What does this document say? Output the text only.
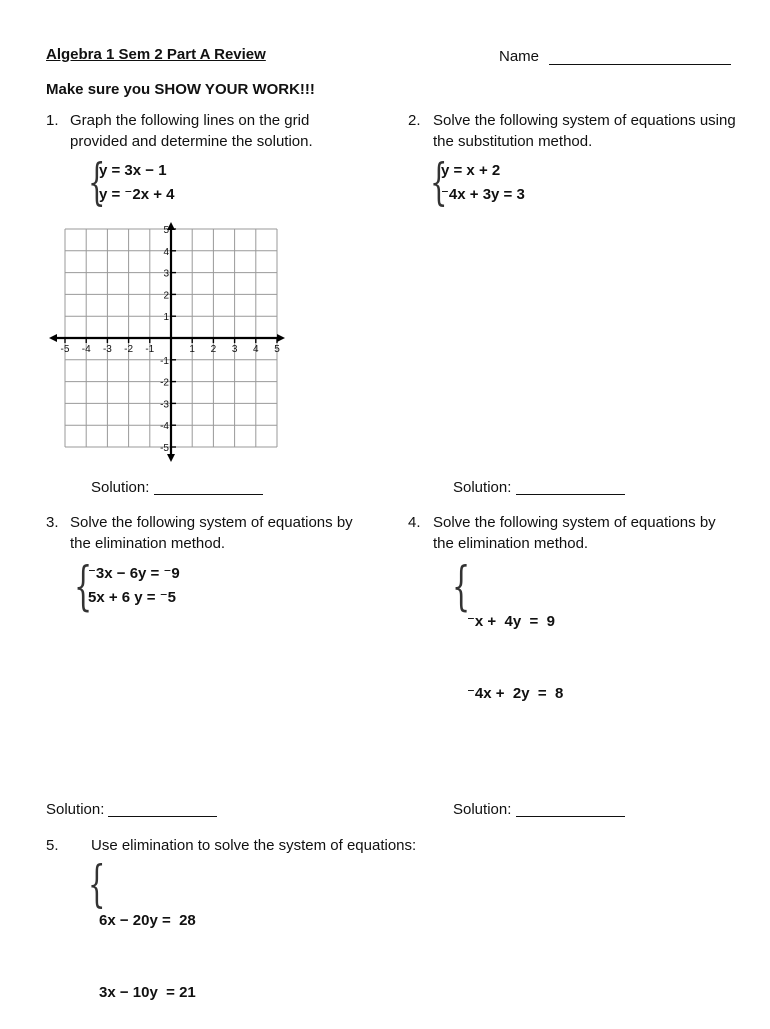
Algebra 1 Sem 2 Part A Review	Name
Make sure you SHOW YOUR WORK!!!
1. Graph the following lines on the grid
provided and determine the solution.
{
y = 3x − 1
y = ⁻2x + 4
-5 -4 -3 -2 -1	1 2 3 4 5
5
4
3
2
1
-1
-2
-3
-4
-5
Solution:
2. Solve the following system of equations using
the substitution method.
{
y = x + 2
⁻4x + 3y = 3
Solution:
3. Solve the following system of equations by
the elimination method.
{
⁻3x − 6y = ⁻9
5x + 6 y = ⁻5
Solution:
4. Solve the following system of equations by
the elimination method.
{

⁻x +  4y  =  9

⁻4x +  2y  =  8

Solution:
5. Use elimination to solve the system of equations:
{

6x − 20y =  28

3x − 10y  = 21
